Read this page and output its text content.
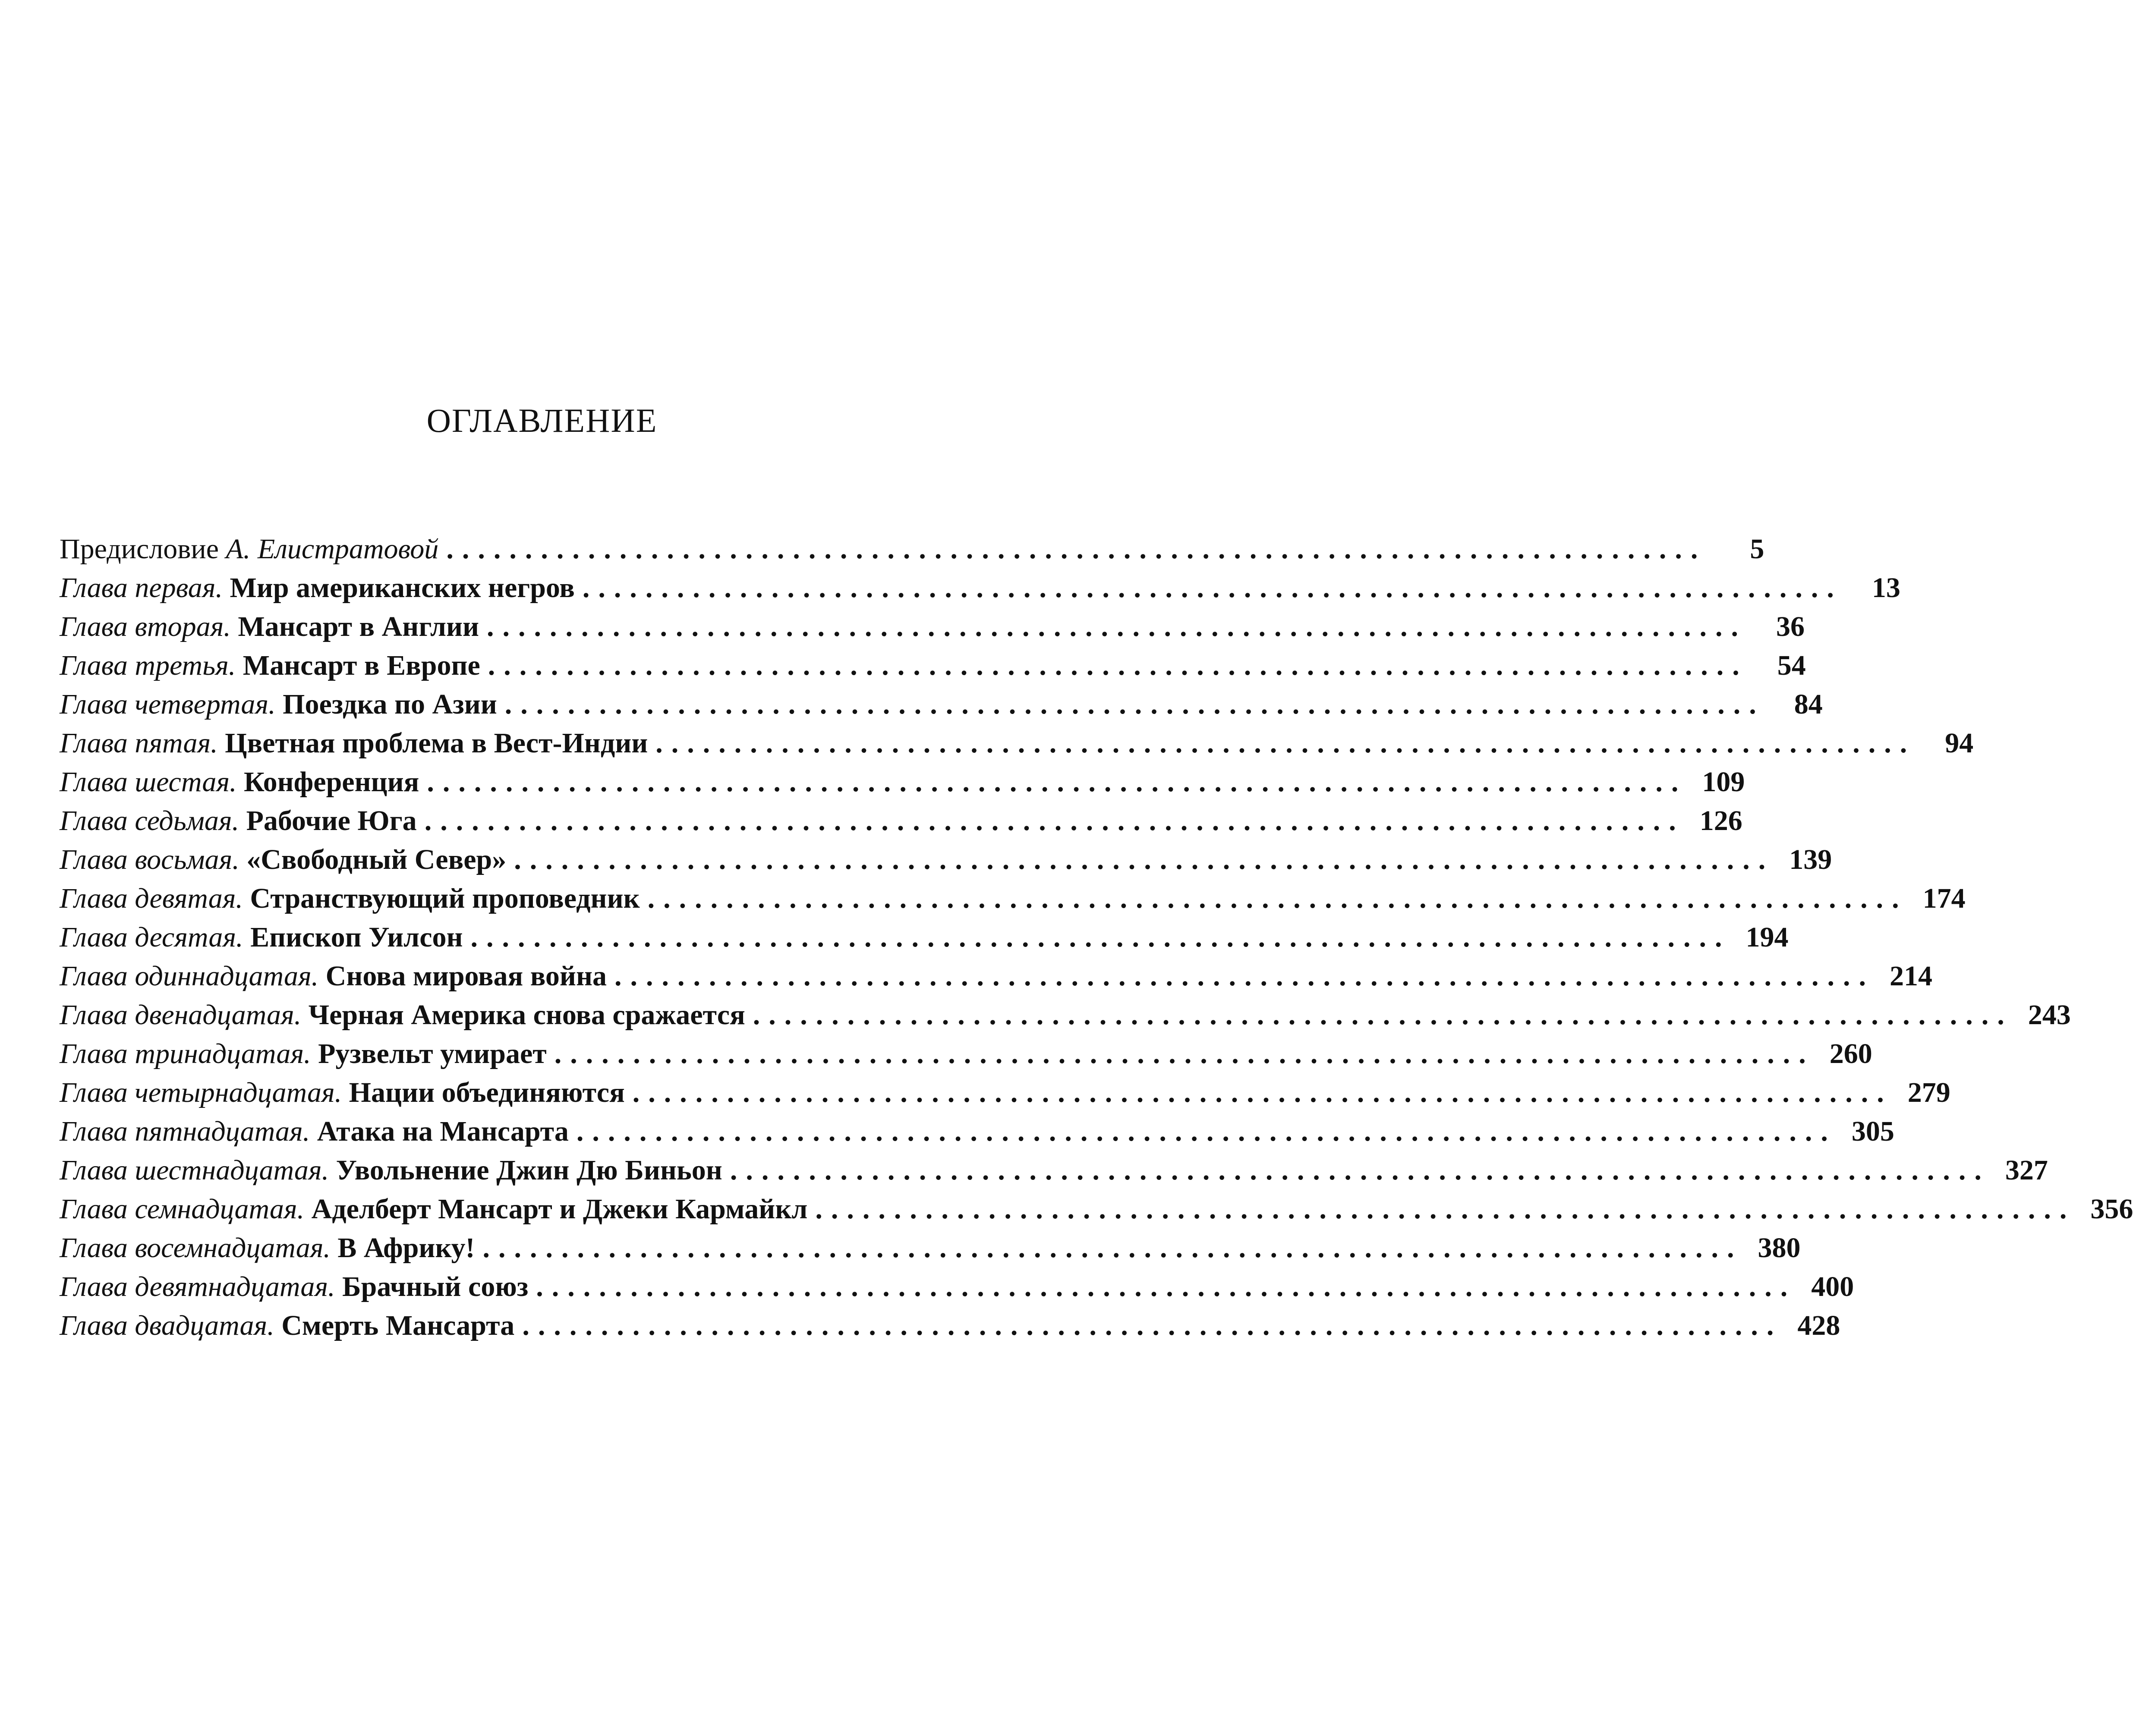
ОГЛАВЛЕНИЕ
Предисловие А. Елистратовой ................................................................................	5
Глава первая. Мир американских негров ................................................................................	13
Глава вторая. Мансарт в Англии ................................................................................	36
Глава третья. Мансарт в Европе ................................................................................	54
Глава четвертая. Поездка по Азии ................................................................................	84
Глава пятая. Цветная проблема в Вест-Индии ................................................................................	94
Глава шестая. Конференция ................................................................................ 109
Глава седьмая. Рабочие Юга ................................................................................ 126
Глава восьмая. «Свободный Север» ................................................................................ 139
Глава девятая. Странствующий проповедник ................................................................................ 174
Глава десятая. Епископ Уилсон ................................................................................ 194
Глава одиннадцатая. Снова мировая война ................................................................................ 214
Глава двенадцатая. Черная Америка снова сражается ................................................................................ 243
Глава тринадцатая. Рузвельт умирает ................................................................................ 260
Глава четырнадцатая. Нации объединяются ................................................................................ 279
Глава пятнадцатая. Атака на Мансарта ................................................................................ 305
Глава шестнадцатая. Увольнение Джин Дю Биньон ................................................................................ 327
Глава семнадцатая. Аделберт Мансарт и Джеки Кармайкл ................................................................................ 356
Глава восемнадцатая. В Африку! ................................................................................ 380
Глава девятнадцатая. Брачный союз ................................................................................ 400
Глава двадцатая. Смерть Мансарта ................................................................................ 428
